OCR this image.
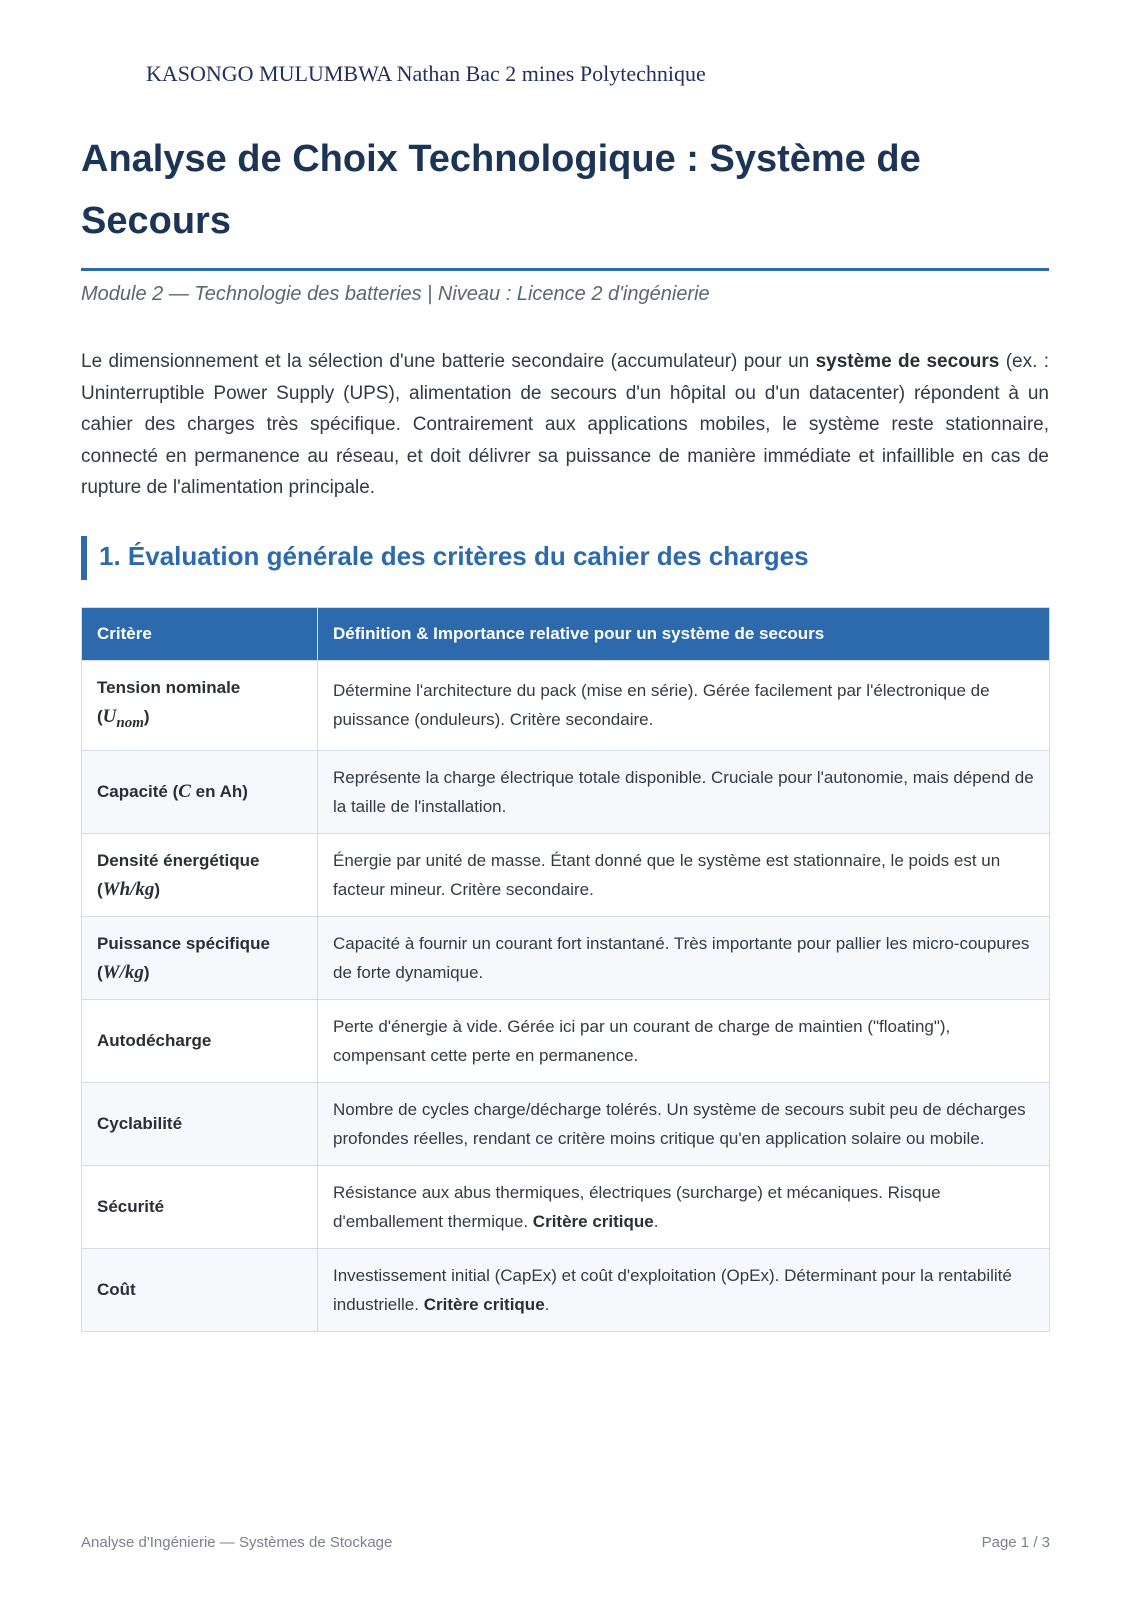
KASONGO MULUMBWA Nathan Bac 2 mines Polytechnique
Analyse de Choix Technologique : Système de Secours
Module 2 — Technologie des batteries | Niveau : Licence 2 d'ingénierie

Le dimensionnement et la sélection d'une batterie secondaire (accumulateur) pour un système de secours (ex. : Uninterruptible Power Supply (UPS), alimentation de secours d'un hôpital ou d'un datacenter) répondent à un cahier des charges très spécifique. Contrairement aux applications mobiles, le système reste stationnaire, connecté en permanence au réseau, et doit délivrer sa puissance de manière immédiate et infaillible en cas de rupture de l'alimentation principale.

1. Évaluation générale des critères du cahier des charges
Critère	Définition & Importance relative pour un système de secours
Tension nominale
$(U_{nom})$	Détermine l'architecture du pack (mise en série). Gérée facilement par l'électronique de puissance (onduleurs). Critère secondaire.
Capacité (C en Ah)	Représente la charge électrique totale disponible. Cruciale pour l'autonomie, mais dépend de la taille de l'installation.
Densité énergétique
(Wh/kg)	Énergie par unité de masse. Étant donné que le système est stationnaire, le poids est un facteur mineur. Critère secondaire.
Puissance spécifique
(W/kg)	Capacité à fournir un courant fort instantané. Très importante pour pallier les micro-coupures de forte dynamique.
Autodécharge	Perte d'énergie à vide. Gérée ici par un courant de charge de maintien ("floating"), compensant cette perte en permanence.
Cyclabilité	Nombre de cycles charge/décharge tolérés. Un système de secours subit peu de décharges profondes réelles, rendant ce critère moins critique qu'en application solaire ou mobile.
Sécurité	Résistance aux abus thermiques, électriques (surcharge) et mécaniques. Risque d'emballement thermique. Critère critique.
Coût	Investissement initial (CapEx) et coût d'exploitation (OpEx). Déterminant pour la rentabilité industrielle. Critère critique.
Analyse d'Ingénierie — Systèmes de Stockage	Page 1 / 3
